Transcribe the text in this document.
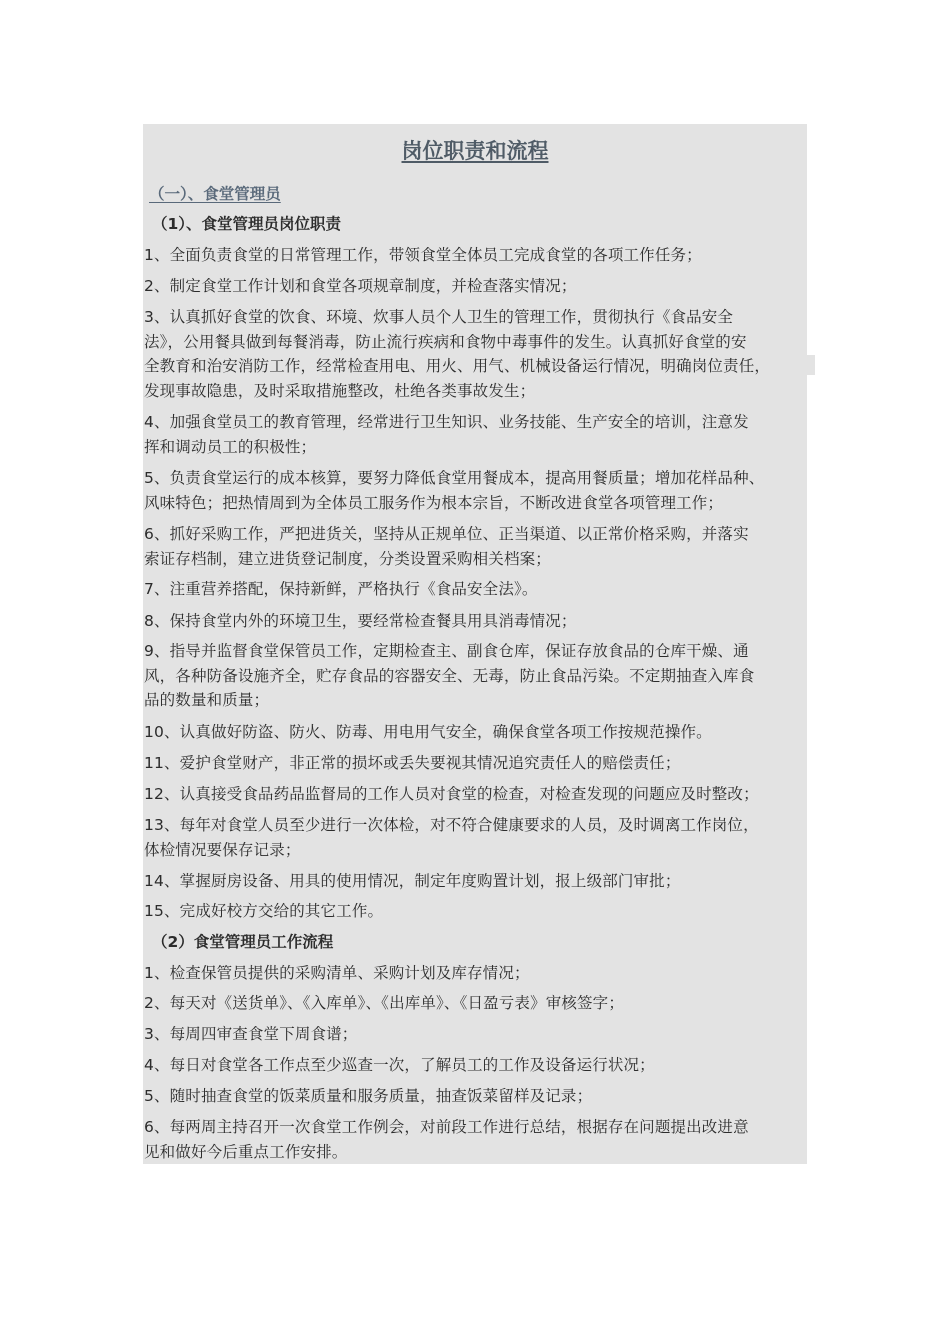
岗位职责和流程
（一）、食堂管理员
（1）、食堂管理员岗位职责

1、全面负责食堂的日常管理工作，带领食堂全体员工完成食堂的各项工作任务；

2、制定食堂工作计划和食堂各项规章制度，并检查落实情况；

3、认真抓好食堂的饮食、环境、炊事人员个人卫生的管理工作，贯彻执行《食品安全
法》，公用餐具做到每餐消毒，防止流行疾病和食物中毒事件的发生。认真抓好食堂的安
全教育和治安消防工作，经常检查用电、用火、用气、机械设备运行情况，明确岗位责任，
发现事故隐患，及时采取措施整改，杜绝各类事故发生；

4、加强食堂员工的教育管理，经常进行卫生知识、业务技能、生产安全的培训，注意发
挥和调动员工的积极性；

5、负责食堂运行的成本核算，要努力降低食堂用餐成本，提高用餐质量；增加花样品种、
风味特色；把热情周到为全体员工服务作为根本宗旨，不断改进食堂各项管理工作；

6、抓好采购工作，严把进货关，坚持从正规单位、正当渠道、以正常价格采购，并落实
索证存档制，建立进货登记制度，分类设置采购相关档案；

7、注重营养搭配，保持新鲜，严格执行《食品安全法》。

8、保持食堂内外的环境卫生，要经常检查餐具用具消毒情况；

9、指导并监督食堂保管员工作，定期检查主、副食仓库，保证存放食品的仓库干燥、通
风，各种防备设施齐全，贮存食品的容器安全、无毒，防止食品污染。不定期抽查入库食
品的数量和质量；

10、认真做好防盗、防火、防毒、用电用气安全，确保食堂各项工作按规范操作。

11、爱护食堂财产，非正常的损坏或丢失要视其情况追究责任人的赔偿责任；

12、认真接受食品药品监督局的工作人员对食堂的检查，对检查发现的问题应及时整改；

13、每年对食堂人员至少进行一次体检，对不符合健康要求的人员，及时调离工作岗位，
体检情况要保存记录；

14、掌握厨房设备、用具的使用情况，制定年度购置计划，报上级部门审批；

15、完成好校方交给的其它工作。

（2）食堂管理员工作流程

1、检查保管员提供的采购清单、采购计划及库存情况；

2、每天对《送货单》、《入库单》、《出库单》、《日盈亏表》审核签字；

3、每周四审查食堂下周食谱；

4、每日对食堂各工作点至少巡查一次，了解员工的工作及设备运行状况；

5、随时抽查食堂的饭菜质量和服务质量，抽查饭菜留样及记录；

6、每两周主持召开一次食堂工作例会，对前段工作进行总结，根据存在问题提出改进意
见和做好今后重点工作安排。
